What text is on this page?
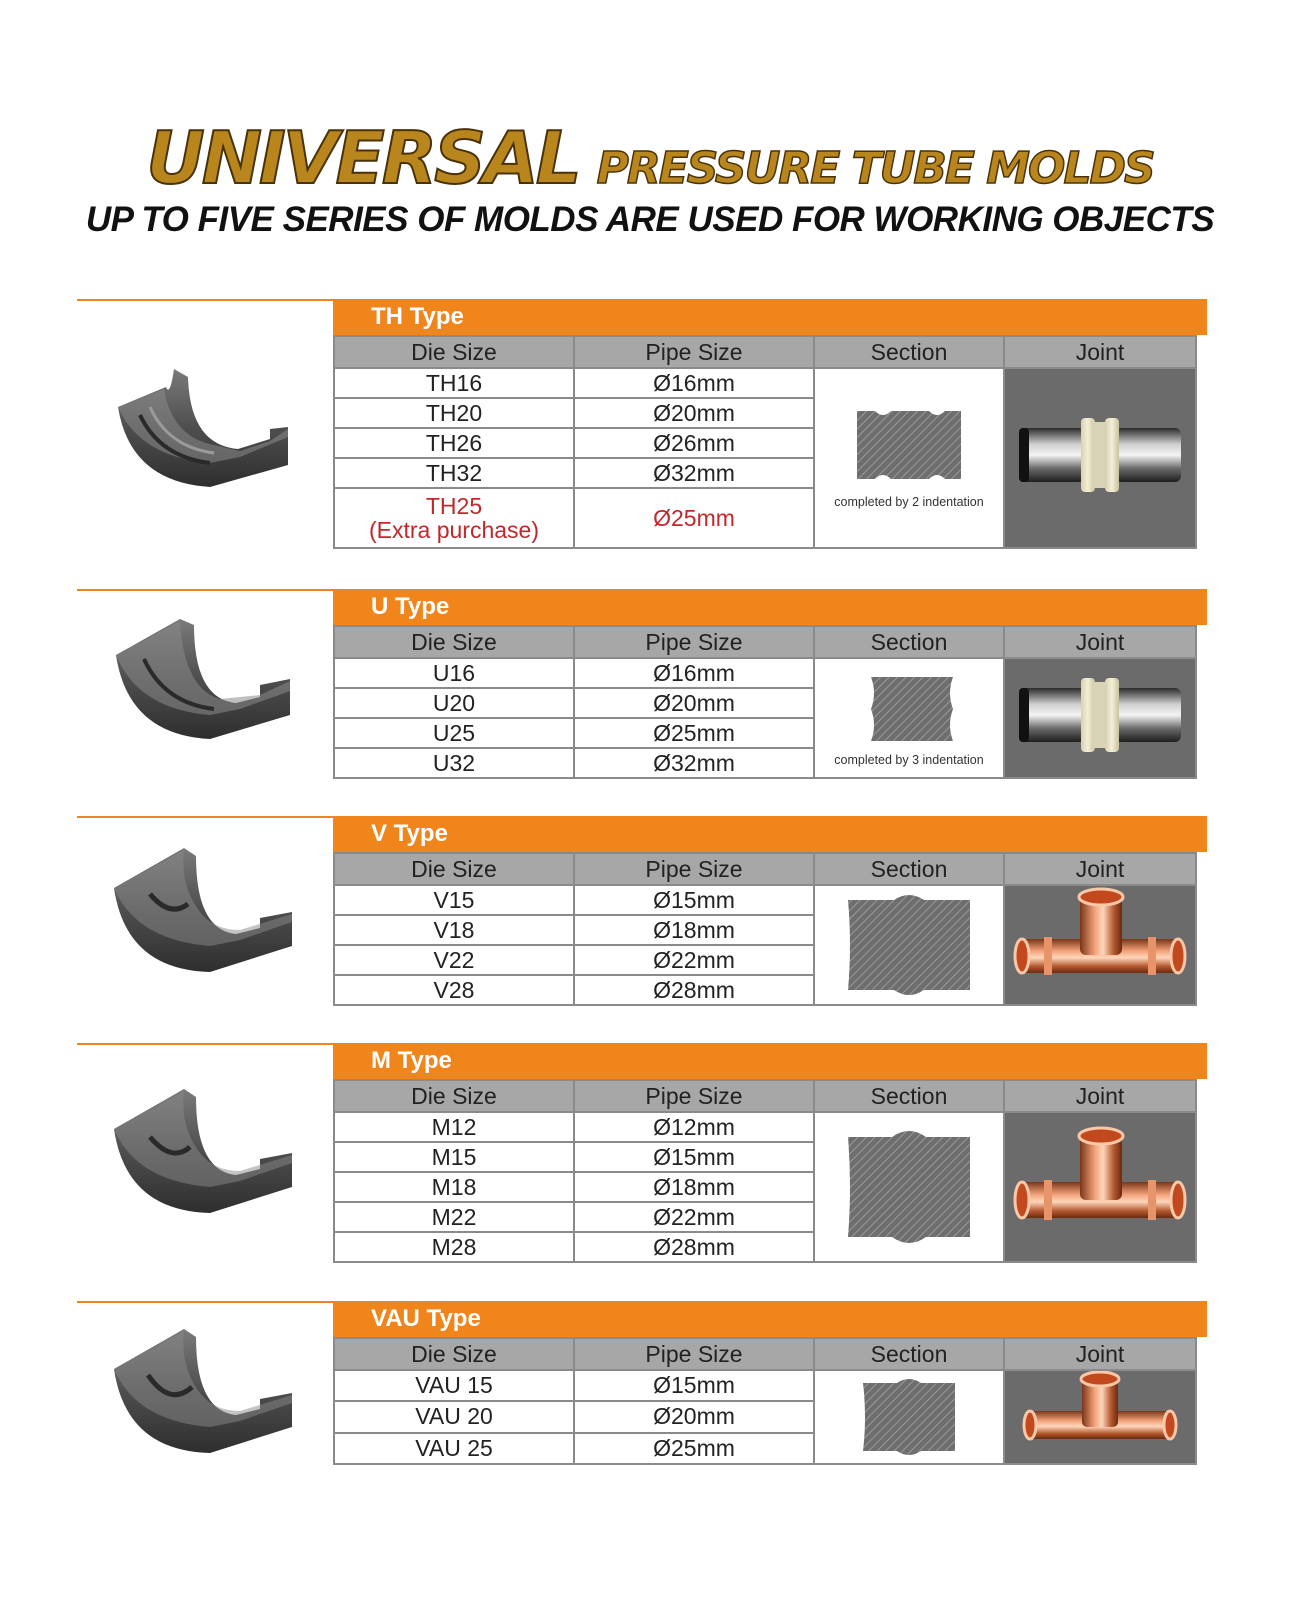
UNIVERSAL PRESSURE TUBE MOLDS
UP TO FIVE SERIES OF MOLDS ARE USED FOR WORKING OBJECTS
TH Type
Die Size	Pipe Size	Section	Joint
TH16	Ø16mm	completed by 2 indentation

TH20	Ø20mm		
TH26	Ø26mm		
TH32	Ø32mm		

TH25
(Extra purchase)	Ø25mm		
U Type
Die Size	Pipe Size	Section	Joint
U16	Ø16mm	completed by 3 indentation

U20	Ø20mm		
U25	Ø25mm		
U32	Ø32mm		
V Type
Die Size	Pipe Size	Section	Joint
V15	Ø15mm	

V18	Ø18mm		
V22	Ø22mm		
V28	Ø28mm		
M Type
Die Size	Pipe Size	Section	Joint
M12	Ø12mm	

M15	Ø15mm		
M18	Ø18mm		
M22	Ø22mm		
M28	Ø28mm		
VAU Type
Die Size	Pipe Size	Section	Joint
VAU 15	Ø15mm	

VAU 20	Ø20mm		
VAU 25	Ø25mm		
